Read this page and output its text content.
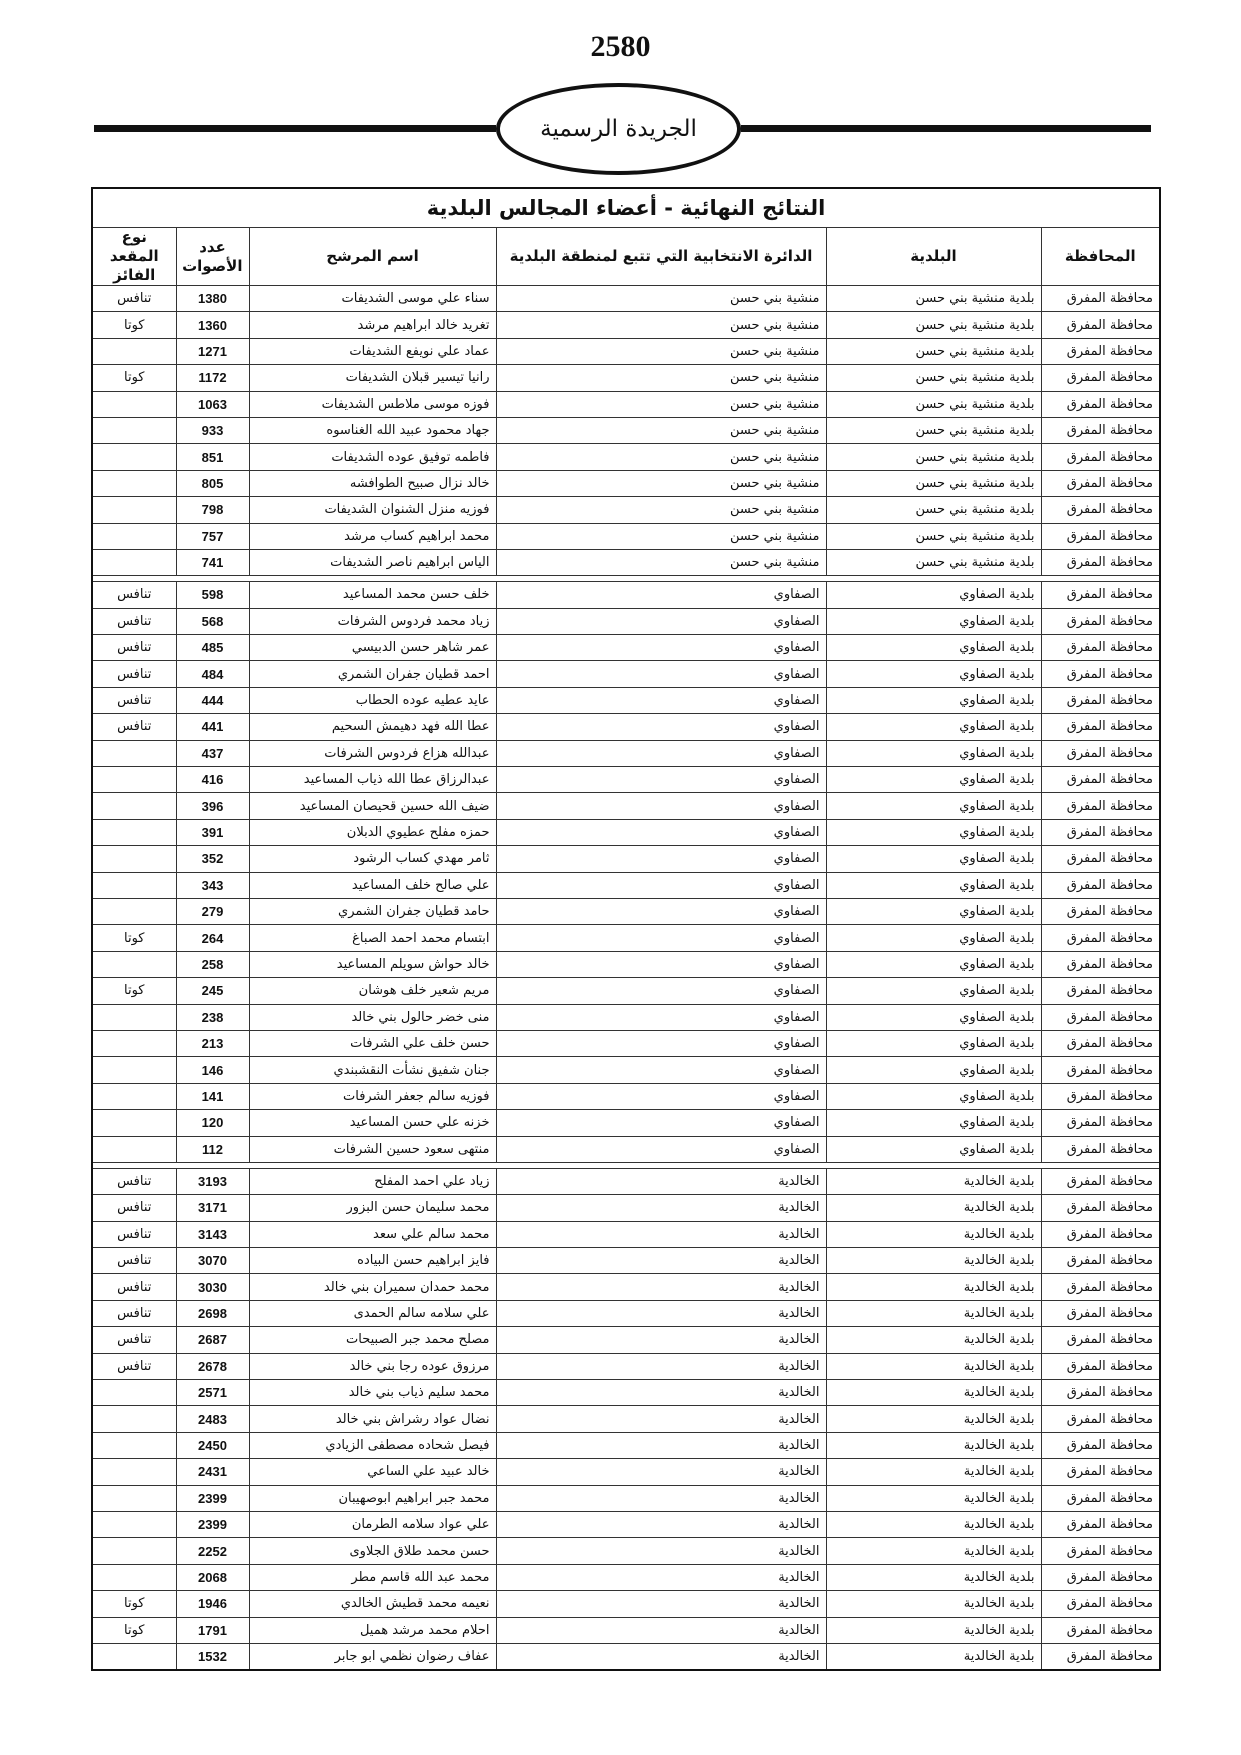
2580
الجريدة الرسمية
النتائج النهائية - أعضاء المجالس البلدية					
المحافظة	البلدية	الدائرة الانتخابية التي تتبع لمنطقة البلدية	اسم المرشح	عدد الأصوات	نوع المقعد الفائز
محافظة المفرق	بلدية منشية بني حسن	منشية بني حسن	سناء علي موسى الشديفات	1380	تنافس
محافظة المفرق	بلدية منشية بني حسن	منشية بني حسن	تغريد خالد ابراهيم مرشد	1360	كوتا
محافظة المفرق	بلدية منشية بني حسن	منشية بني حسن	عماد علي نويفع الشديفات	1271	
محافظة المفرق	بلدية منشية بني حسن	منشية بني حسن	رانيا تيسير قبلان الشديفات	1172	كوتا
محافظة المفرق	بلدية منشية بني حسن	منشية بني حسن	فوزه موسى ملاطس الشديفات	1063	
محافظة المفرق	بلدية منشية بني حسن	منشية بني حسن	جهاد محمود عبيد الله الغناسوه	933	
محافظة المفرق	بلدية منشية بني حسن	منشية بني حسن	فاطمه توفيق عوده الشديفات	851	
محافظة المفرق	بلدية منشية بني حسن	منشية بني حسن	خالد نزال صبيح الطوافشه	805	
محافظة المفرق	بلدية منشية بني حسن	منشية بني حسن	فوزيه منزل الشنوان الشديفات	798	
محافظة المفرق	بلدية منشية بني حسن	منشية بني حسن	محمد ابراهيم كساب مرشد	757	
محافظة المفرق	بلدية منشية بني حسن	منشية بني حسن	الياس ابراهيم ناصر الشديفات	741	

محافظة المفرق	بلدية الصفاوي	الصفاوي	خلف حسن محمد المساعيد	598	تنافس
محافظة المفرق	بلدية الصفاوي	الصفاوي	زياد محمد فردوس الشرفات	568	تنافس
محافظة المفرق	بلدية الصفاوي	الصفاوي	عمر شاهر حسن الدبيسي	485	تنافس
محافظة المفرق	بلدية الصفاوي	الصفاوي	احمد قطيان جفران الشمري	484	تنافس
محافظة المفرق	بلدية الصفاوي	الصفاوي	عايد عطيه عوده الحطاب	444	تنافس
محافظة المفرق	بلدية الصفاوي	الصفاوي	عطا الله فهد دهيمش السحيم	441	تنافس
محافظة المفرق	بلدية الصفاوي	الصفاوي	عبدالله هزاع فردوس الشرفات	437	
محافظة المفرق	بلدية الصفاوي	الصفاوي	عبدالرزاق عطا الله ذياب المساعيد	416	
محافظة المفرق	بلدية الصفاوي	الصفاوي	ضيف الله حسين قحيصان المساعيد	396	
محافظة المفرق	بلدية الصفاوي	الصفاوي	حمزه مفلح عطيوي الدبلان	391	
محافظة المفرق	بلدية الصفاوي	الصفاوي	ثامر مهدي كساب الرشود	352	
محافظة المفرق	بلدية الصفاوي	الصفاوي	علي صالح خلف المساعيد	343	
محافظة المفرق	بلدية الصفاوي	الصفاوي	حامد قطيان جفران الشمري	279	
محافظة المفرق	بلدية الصفاوي	الصفاوي	ابتسام محمد احمد الصباغ	264	كوتا
محافظة المفرق	بلدية الصفاوي	الصفاوي	خالد حواش سويلم المساعيد	258	
محافظة المفرق	بلدية الصفاوي	الصفاوي	مريم شعير خلف هوشان	245	كوتا
محافظة المفرق	بلدية الصفاوي	الصفاوي	منى خضر حالول بني خالد	238	
محافظة المفرق	بلدية الصفاوي	الصفاوي	حسن خلف علي الشرفات	213	
محافظة المفرق	بلدية الصفاوي	الصفاوي	جنان شفيق نشأت النقشبندي	146	
محافظة المفرق	بلدية الصفاوي	الصفاوي	فوزيه سالم جعفر الشرفات	141	
محافظة المفرق	بلدية الصفاوي	الصفاوي	خزنه علي حسن المساعيد	120	
محافظة المفرق	بلدية الصفاوي	الصفاوي	منتهى سعود حسين الشرفات	112	

محافظة المفرق	بلدية الخالدية	الخالدية	زياد علي احمد المفلح	3193	تنافس
محافظة المفرق	بلدية الخالدية	الخالدية	محمد سليمان حسن البزور	3171	تنافس
محافظة المفرق	بلدية الخالدية	الخالدية	محمد سالم علي سعد	3143	تنافس
محافظة المفرق	بلدية الخالدية	الخالدية	فايز ابراهيم حسن البياده	3070	تنافس
محافظة المفرق	بلدية الخالدية	الخالدية	محمد حمدان سميران بني خالد	3030	تنافس
محافظة المفرق	بلدية الخالدية	الخالدية	علي سلامه سالم الحمدى	2698	تنافس
محافظة المفرق	بلدية الخالدية	الخالدية	مصلح محمد جبر الصبيحات	2687	تنافس
محافظة المفرق	بلدية الخالدية	الخالدية	مرزوق عوده رجا بني خالد	2678	تنافس
محافظة المفرق	بلدية الخالدية	الخالدية	محمد سليم ذياب بني خالد	2571	
محافظة المفرق	بلدية الخالدية	الخالدية	نضال عواد رشراش بني خالد	2483	
محافظة المفرق	بلدية الخالدية	الخالدية	فيصل شحاده مصطفى الزيادي	2450	
محافظة المفرق	بلدية الخالدية	الخالدية	خالد عبيد علي الساعي	2431	
محافظة المفرق	بلدية الخالدية	الخالدية	محمد جبر ابراهيم ابوصهيبان	2399	
محافظة المفرق	بلدية الخالدية	الخالدية	علي عواد سلامه الطرمان	2399	
محافظة المفرق	بلدية الخالدية	الخالدية	حسن محمد طلاق الجلاوى	2252	
محافظة المفرق	بلدية الخالدية	الخالدية	محمد عبد الله قاسم مطر	2068	
محافظة المفرق	بلدية الخالدية	الخالدية	نعيمه محمد قطيش الخالدي	1946	كوتا
محافظة المفرق	بلدية الخالدية	الخالدية	احلام محمد مرشد هميل	1791	كوتا
محافظة المفرق	بلدية الخالدية	الخالدية	عفاف رضوان نظمي ابو جابر	1532	
